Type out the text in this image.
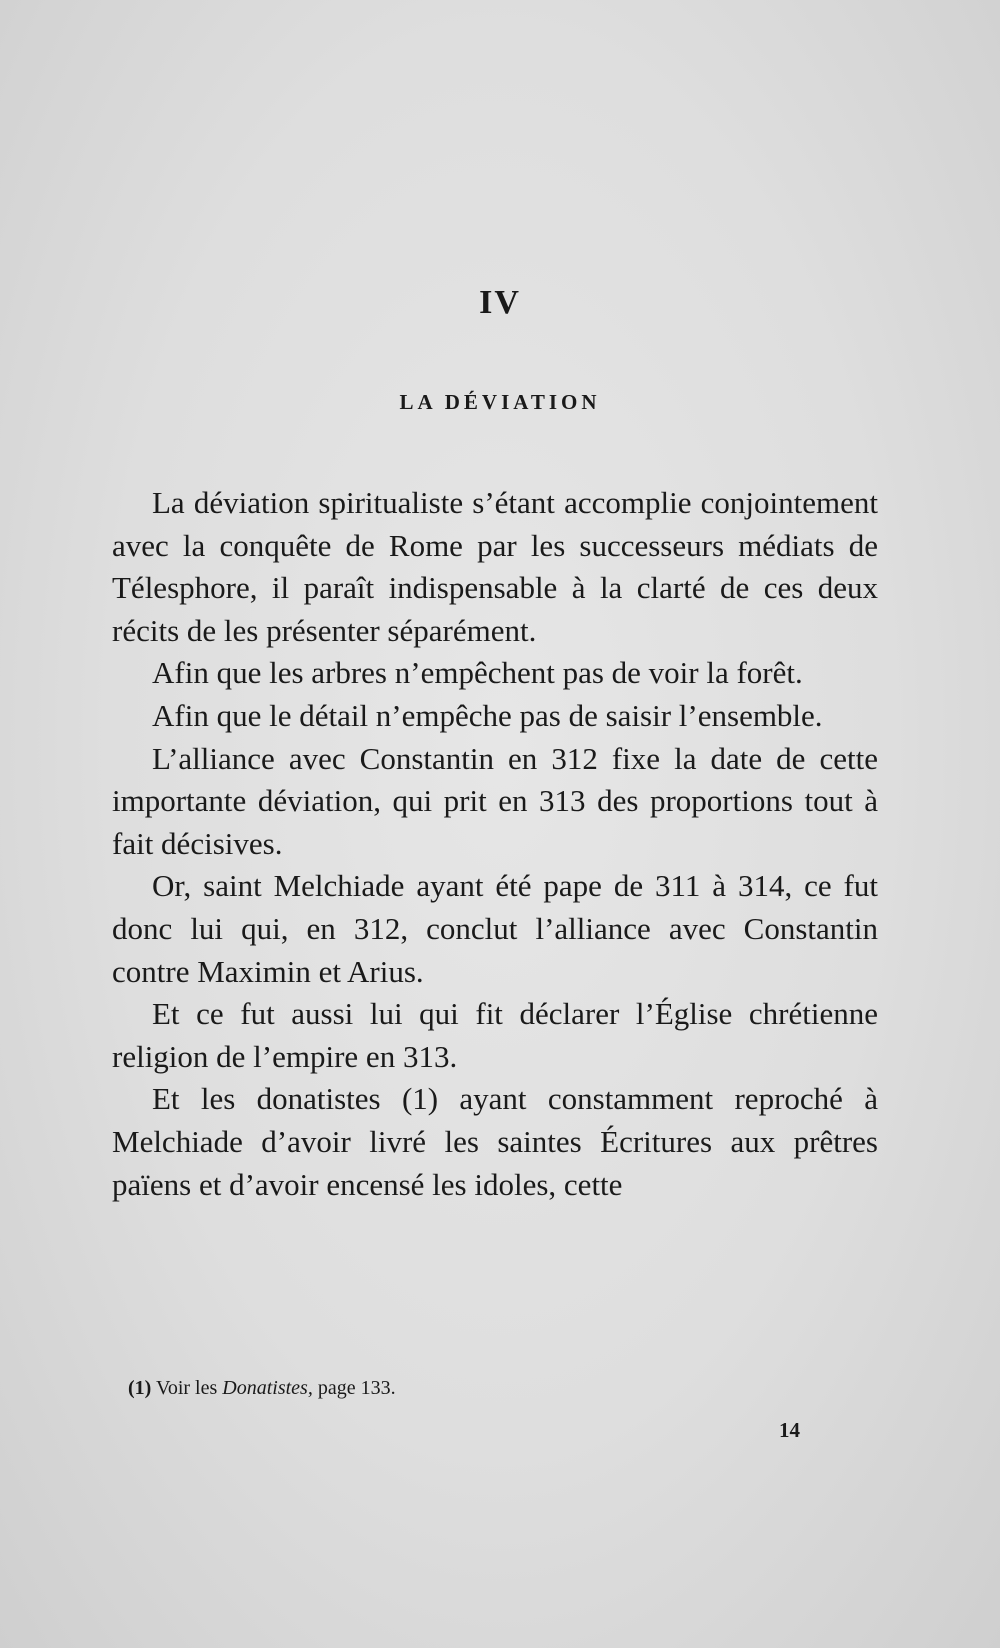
IV
LA DÉVIATION

La déviation spiritualiste s’étant accomplie conjointement avec la conquête de Rome par les successeurs médiats de Télesphore, il paraît indispensable à la clarté de ces deux récits de les présenter séparément.

Afin que les arbres n’empêchent pas de voir la forêt.

Afin que le détail n’empêche pas de saisir l’ensemble.

L’alliance avec Constantin en 312 fixe la date de cette importante déviation, qui prit en 313 des proportions tout à fait décisives.

Or, saint Melchiade ayant été pape de 311 à 314, ce fut donc lui qui, en 312, conclut l’alliance avec Constantin contre Maximin et Arius.

Et ce fut aussi lui qui fit déclarer l’Église chrétienne religion de l’empire en 313.

Et les donatistes (1) ayant constamment reproché à Melchiade d’avoir livré les saintes Écritures aux prêtres païens et d’avoir encensé les idoles, cette

(1) Voir les Donatistes, page 133.
14
